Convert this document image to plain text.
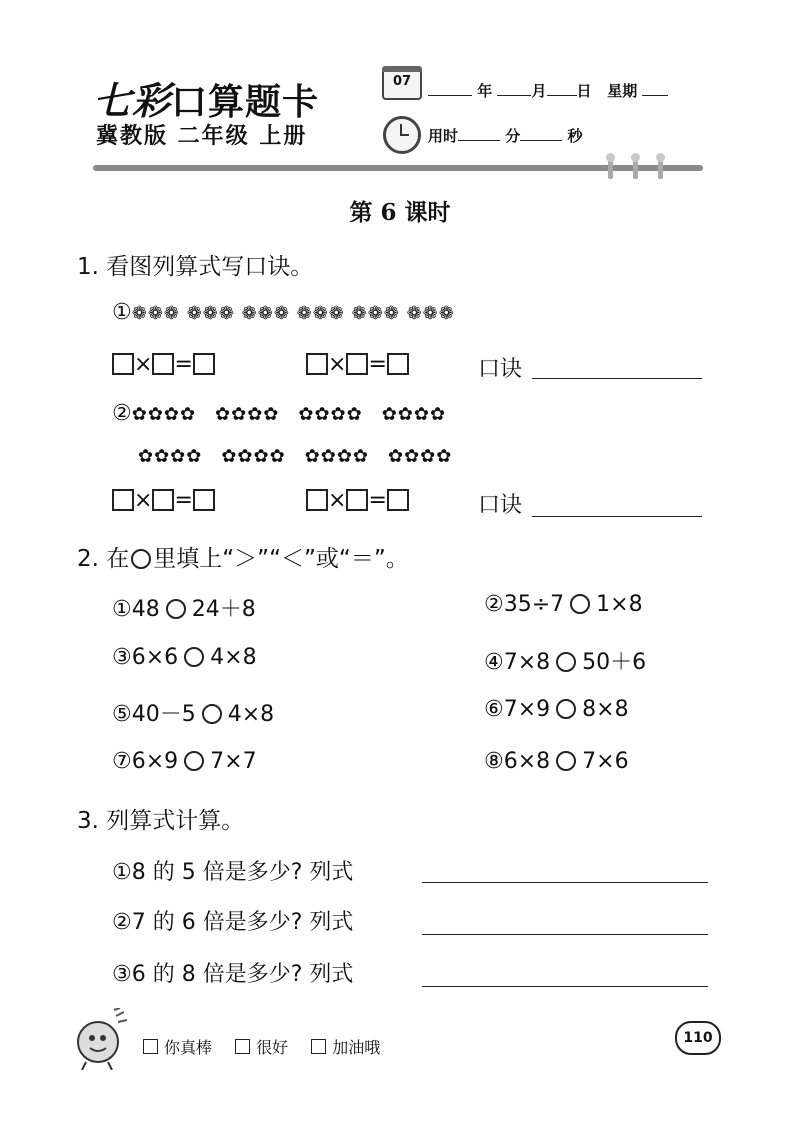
七彩口算题卡
冀教版 二年级 上册
07
年	月 日 星期
用时	分	秒
第 6 课时
1. 看图列算式写口诀。
①❁❁❁ ❁❁❁ ❁❁❁ ❁❁❁ ❁❁❁ ❁❁❁
× =	× =	口诀
②✿✿✿✿　✿✿✿✿　✿✿✿✿　✿✿✿✿
✿✿✿✿　✿✿✿✿　✿✿✿✿　✿✿✿✿
× =	× =	口诀
2. 在 里填上“＞”“＜”或“＝”。
①48 24＋8	②35÷7 1×8
③6×6 4×8	④7×8 50＋6
⑤40－5 4×8	⑥7×9 8×8
⑦6×9 7×7	⑧6×8 7×6
3. 列算式计算。
①8 的 5 倍是多少? 列式
②7 的 6 倍是多少? 列式
③6 的 8 倍是多少? 列式
你真棒	很好	加油哦	110
